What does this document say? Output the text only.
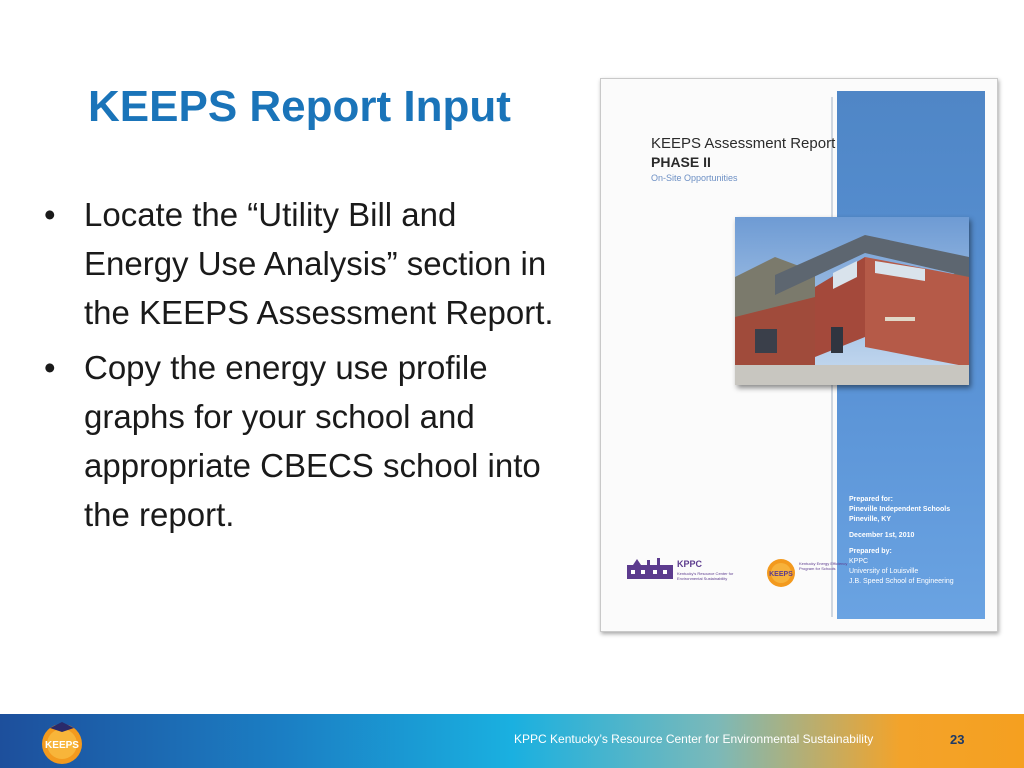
KEEPS Report Input
• Locate the “Utility Bill and Energy Use Analysis” section in the KEEPS Assessment Report.
• Copy the energy use profile graphs for your school and appropriate CBECS school into the report.
KEEPS Assessment Report
PHASE II
On-Site Opportunities
Prepared for:
Pineville Independent Schools
Pineville, KY
December 1st, 2010
Prepared by:
KPPC
University of Louisville
J.B. Speed School of Engineering
KPPC
Kentucky's Resource Center for Environmental Sustainability
KEEPS
Kentucky Energy Efficiency Program for Schools
KEEPS	KPPC Kentucky’s Resource Center for Environmental Sustainability	23
